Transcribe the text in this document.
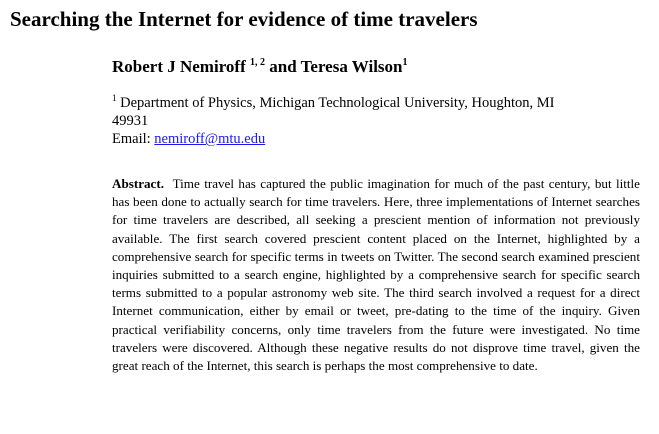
Searching the Internet for evidence of time travelers
Robert J Nemiroff $^{1, 2}$ and Teresa Wilson$^1$
$^1$ Department of Physics, Michigan Technological University, Houghton, MI
49931
Email: nemiroff@mtu.edu

Abstract. Time travel has captured the public imagination for much of the past century, but little has been done to actually search for time travelers. Here, three implementations of Internet searches for time travelers are described, all seeking a prescient mention of information not previously available. The first search covered prescient content placed on the Internet, highlighted by a comprehensive search for specific terms in tweets on Twitter. The second search examined prescient inquiries submitted to a search engine, highlighted by a comprehensive search for specific search terms submitted to a popular astronomy web site. The third search involved a request for a direct Internet communication, either by email or tweet, pre-dating to the time of the inquiry. Given practical verifiability concerns, only time travelers from the future were investigated. No time travelers were discovered. Although these negative results do not disprove time travel, given the great reach of the Internet, this search is perhaps the most comprehensive to date.
